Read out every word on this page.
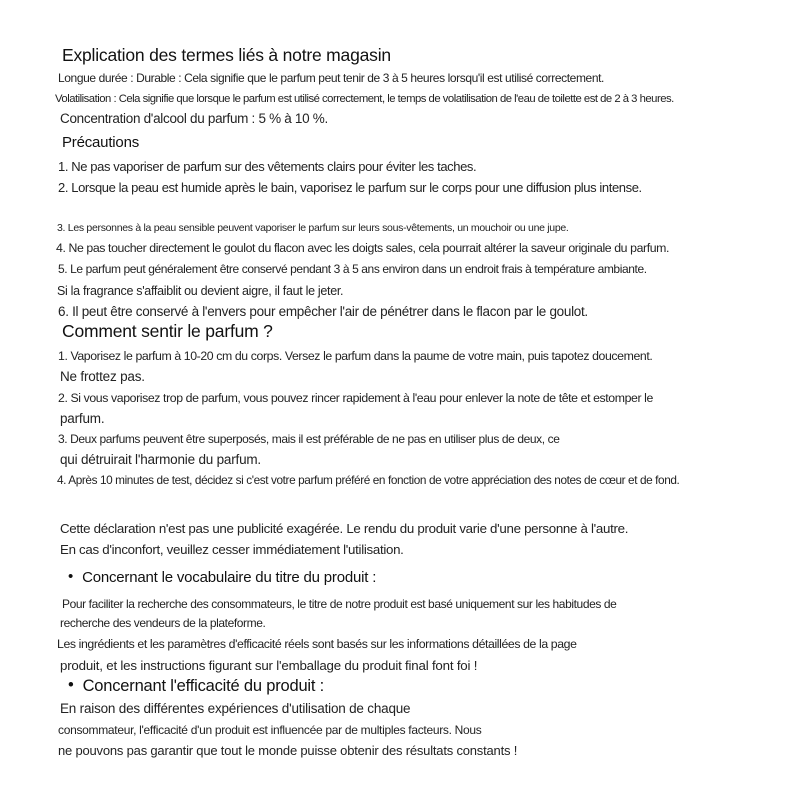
Explication des termes liés à notre magasin
Longue durée : Durable : Cela signifie que le parfum peut tenir de 3 à 5 heures lorsqu'il est utilisé correctement.
Volatilisation : Cela signifie que lorsque le parfum est utilisé correctement, le temps de volatilisation de l'eau de toilette est de 2 à 3 heures.
Concentration d'alcool du parfum : 5 % à 10 %.
Précautions
1. Ne pas vaporiser de parfum sur des vêtements clairs pour éviter les taches.
2. Lorsque la peau est humide après le bain, vaporisez le parfum sur le corps pour une diffusion plus intense.
3. Les personnes à la peau sensible peuvent vaporiser le parfum sur leurs sous-vêtements, un mouchoir ou une jupe.
4. Ne pas toucher directement le goulot du flacon avec les doigts sales, cela pourrait altérer la saveur originale du parfum.
5. Le parfum peut généralement être conservé pendant 3 à 5 ans environ dans un endroit frais à température ambiante.
Si la fragrance s'affaiblit ou devient aigre, il faut le jeter.
6. Il peut être conservé à l'envers pour empêcher l'air de pénétrer dans le flacon par le goulot.
Comment sentir le parfum ?
1. Vaporisez le parfum à 10-20 cm du corps. Versez le parfum dans la paume de votre main, puis tapotez doucement.
Ne frottez pas.
2. Si vous vaporisez trop de parfum, vous pouvez rincer rapidement à l'eau pour enlever la note de tête et estomper le
parfum.
3. Deux parfums peuvent être superposés, mais il est préférable de ne pas en utiliser plus de deux, ce
qui détruirait l'harmonie du parfum.
4. Après 10 minutes de test, décidez si c'est votre parfum préféré en fonction de votre appréciation des notes de cœur et de fond.
Cette déclaration n'est pas une publicité exagérée. Le rendu du produit varie d'une personne à l'autre.
En cas d'inconfort, veuillez cesser immédiatement l'utilisation.
• Concernant le vocabulaire du titre du produit :
Pour faciliter la recherche des consommateurs, le titre de notre produit est basé uniquement sur les habitudes de
recherche des vendeurs de la plateforme.
Les ingrédients et les paramètres d'efficacité réels sont basés sur les informations détaillées de la page
produit, et les instructions figurant sur l'emballage du produit final font foi !
• Concernant l'efficacité du produit :
En raison des différentes expériences d'utilisation de chaque
consommateur, l'efficacité d'un produit est influencée par de multiples facteurs. Nous
ne pouvons pas garantir que tout le monde puisse obtenir des résultats constants !
